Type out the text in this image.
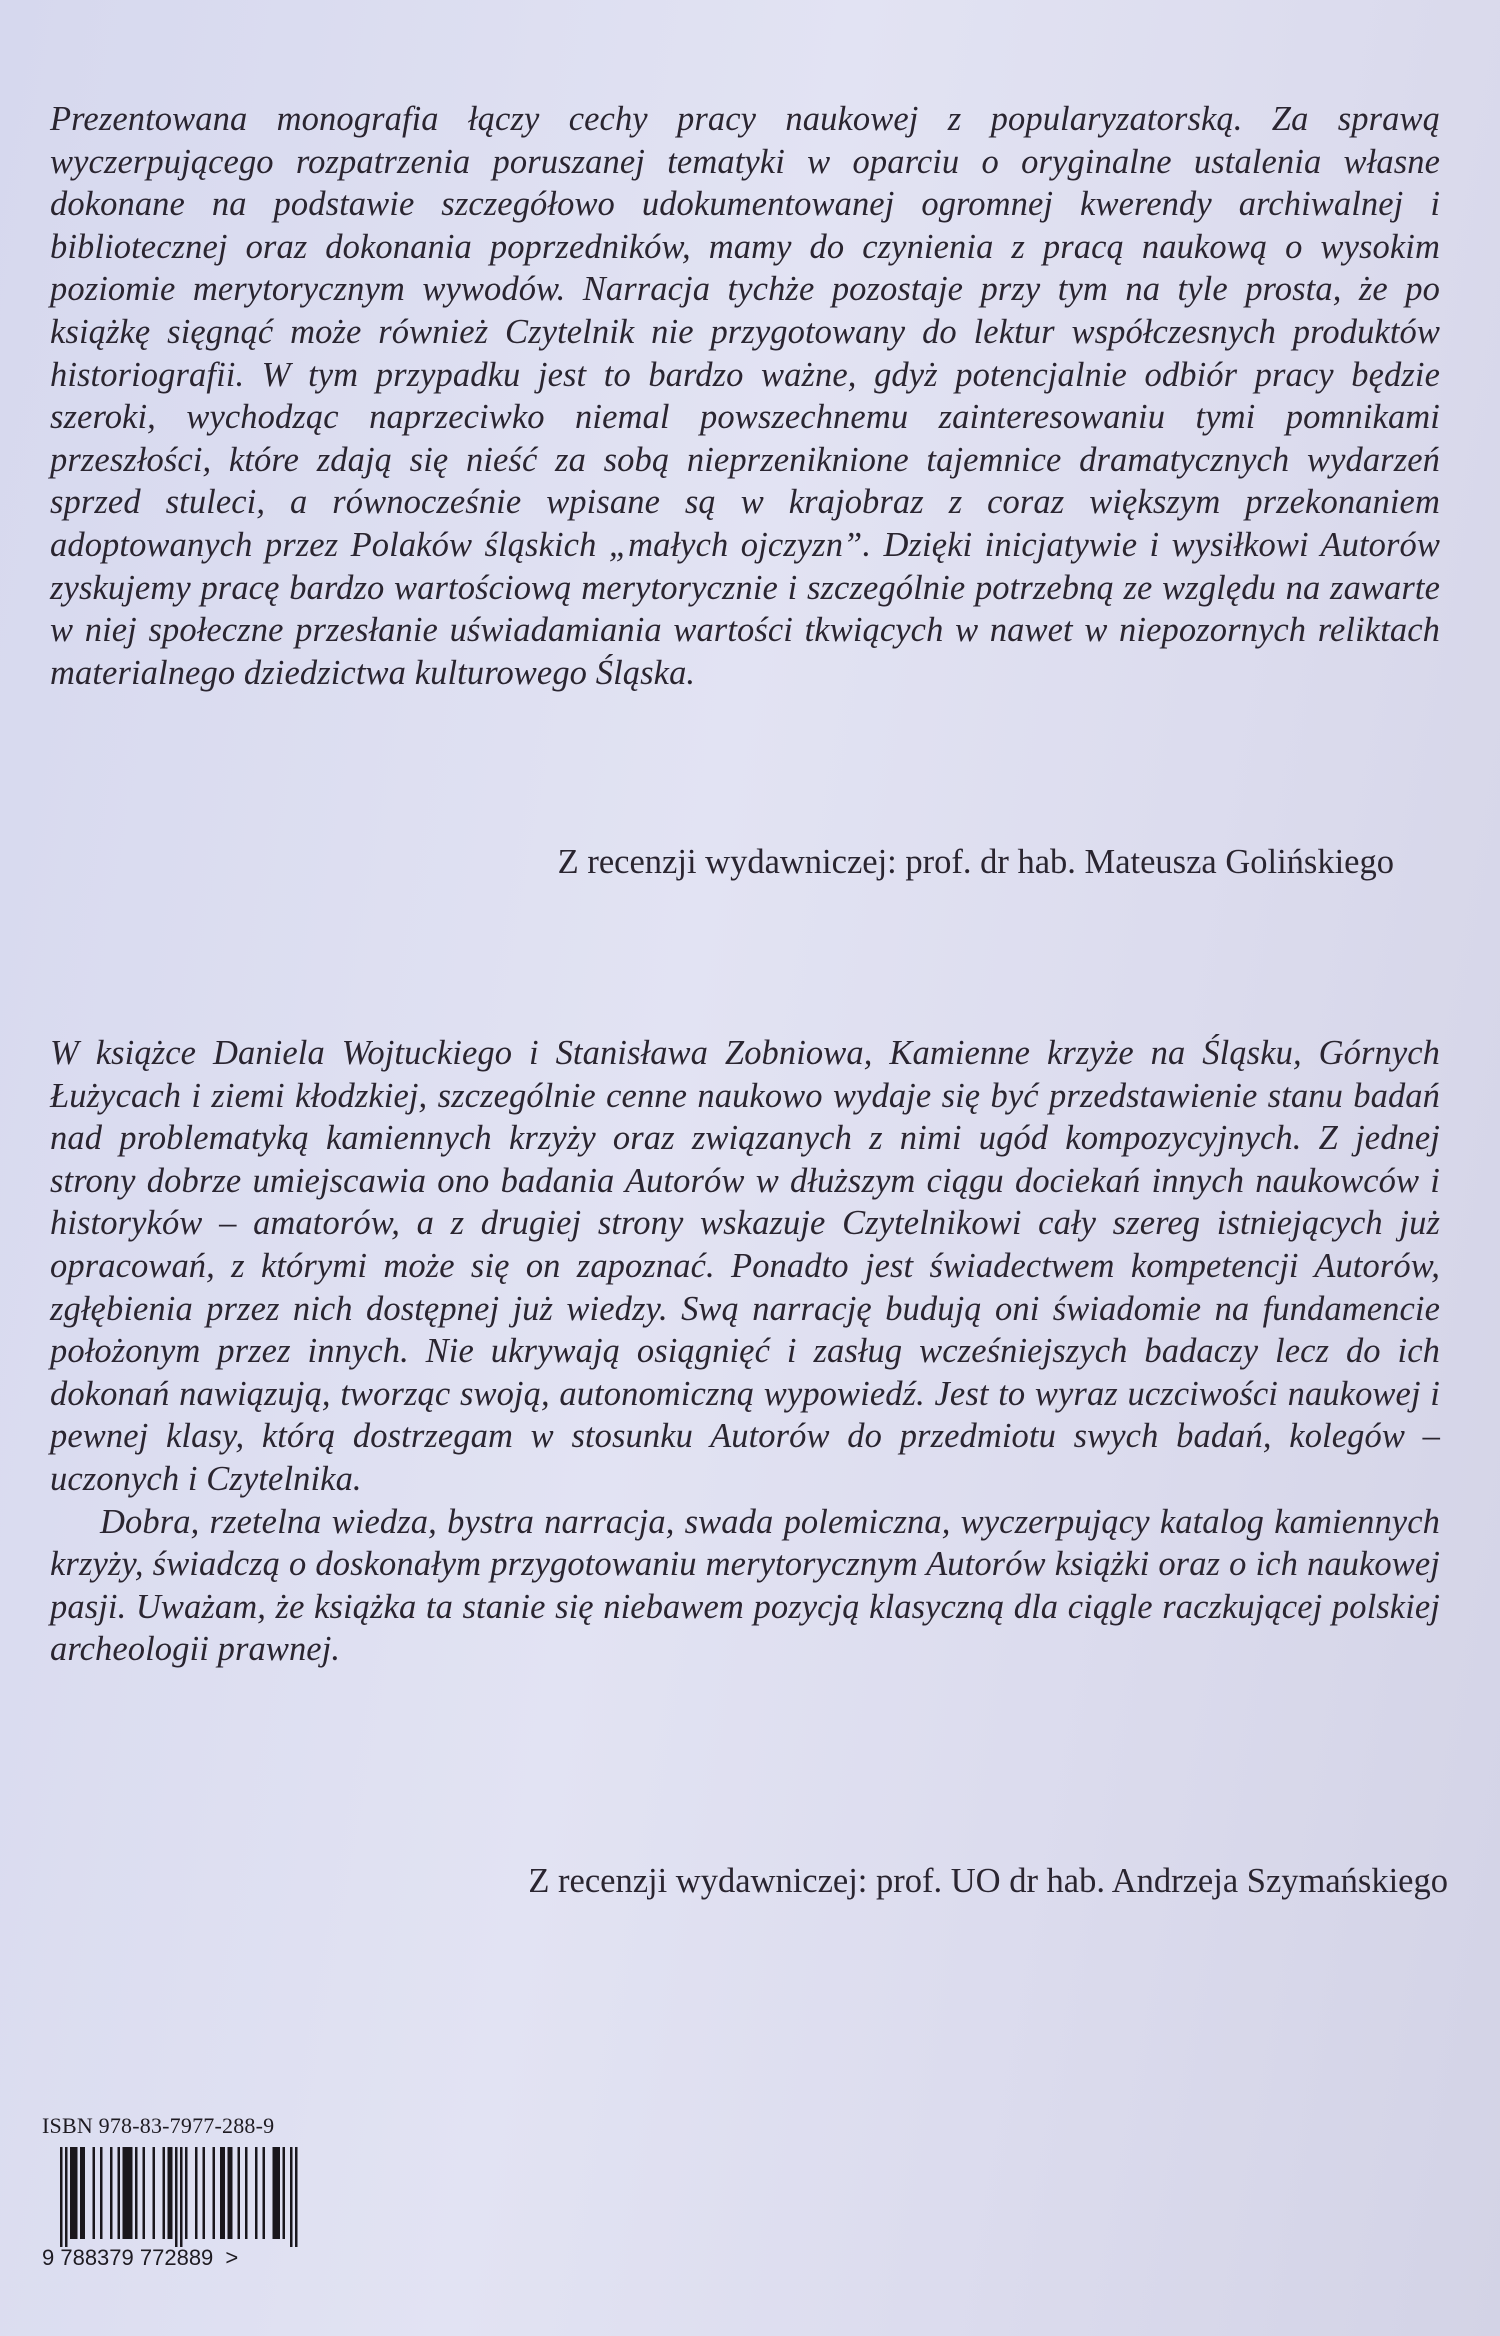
Prezentowana monografia łączy cechy pracy naukowej z popularyzatorską. Za sprawą wyczerpującego rozpatrzenia poruszanej tematyki w oparciu o oryginalne ustalenia własne dokonane na podstawie szczegółowo udokumentowanej ogromnej kwerendy archiwalnej i bibliotecznej oraz dokonania poprzedników, mamy do czynienia z pracą naukową o wysokim poziomie merytorycznym wywodów. Narracja tychże pozostaje przy tym na tyle prosta, że po książkę sięgnąć może również Czytelnik nie przygotowany do lektur współczesnych produktów historiografii. W tym przypadku jest to bardzo ważne, gdyż potencjalnie odbiór pracy będzie szeroki, wychodząc naprzeciwko niemal powszechnemu zainteresowaniu tymi pomnikami przeszłości, które zdają się nieść za sobą nieprzeniknione tajemnice dramatycznych wydarzeń sprzed stuleci, a równocześnie wpisane są w krajobraz z coraz większym przekonaniem adoptowanych przez Polaków śląskich „małych ojczyzn”. Dzięki inicjatywie i wysiłkowi Autorów zyskujemy pracę bardzo wartościową merytorycznie i szczególnie potrzebną ze względu na zawarte w niej społeczne przesłanie uświadamiania wartości tkwiących w nawet w niepozornych reliktach materialnego dziedzictwa kulturowego Śląska.

Z recenzji wydawniczej: prof. dr hab. Mateusza Golińskiego

W książce Daniela Wojtuckiego i Stanisława Zobniowa, Kamienne krzyże na Śląsku, Górnych Łużycach i ziemi kłodzkiej, szczególnie cenne naukowo wydaje się być przedstawienie stanu badań nad problematyką kamiennych krzyży oraz związanych z nimi ugód kompozycyjnych. Z jednej strony dobrze umiejscawia ono badania Autorów w dłuższym ciągu dociekań innych naukowców i historyków – amatorów, a z drugiej strony wskazuje Czytelnikowi cały szereg istniejących już opracowań, z którymi może się on zapoznać. Ponadto jest świadectwem kompetencji Autorów, zgłębienia przez nich dostępnej już wiedzy. Swą narrację budują oni świadomie na fundamencie położonym przez innych. Nie ukrywają osiągnięć i zasług wcześniejszych badaczy lecz do ich dokonań nawiązują, tworząc swoją, autonomiczną wypowiedź. Jest to wyraz uczciwości naukowej i pewnej klasy, którą dostrzegam w stosunku Autorów do przedmiotu swych badań, kolegów – uczonych i Czytelnika.

Dobra, rzetelna wiedza, bystra narracja, swada polemiczna, wyczerpujący katalog kamiennych krzyży, świadczą o doskonałym przygotowaniu merytorycznym Autorów książki oraz o ich naukowej pasji. Uważam, że książka ta stanie się niebawem pozycją klasyczną dla ciągle raczkującej polskiej archeologii prawnej.

Z recenzji wydawniczej: prof. UO dr hab. Andrzeja Szymańskiego
ISBN 978-83-7977-288-9
9 788379 772889 >
